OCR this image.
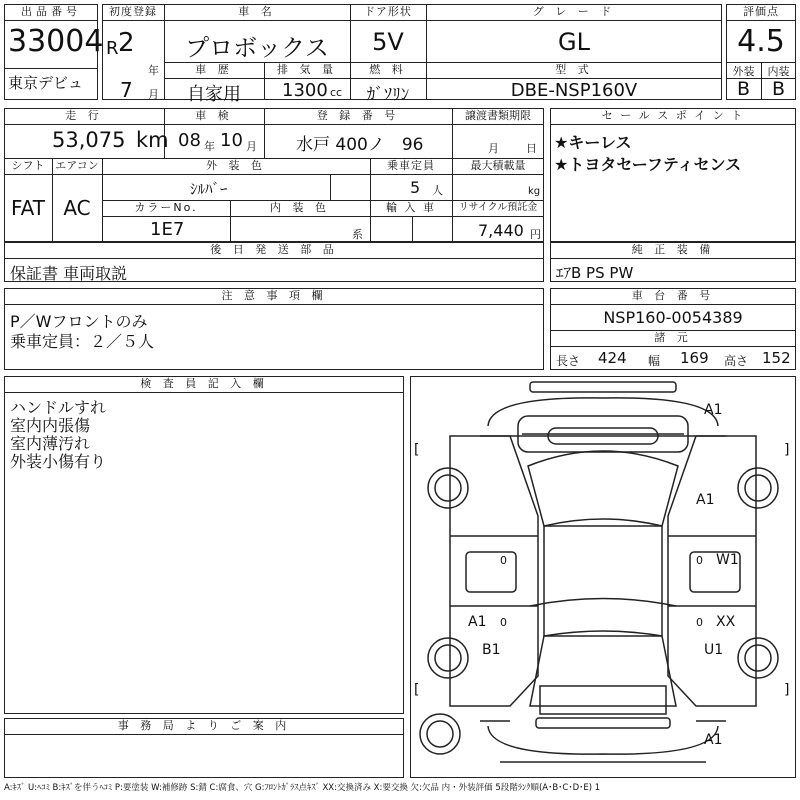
出品番号
33004
東京デビュ
初度登録
R 2
年
7 月
車 名
プロボックス
ドア形状
5V
グ レ ー ド
GL
車 歴
自家用
排 気 量
1300 cc
燃 料
ｶﾞｿﾘﾝ
型 式
DBE-NSP160V
評価点
4.5
外装	内装
B	B
走 行
53,075 km
車 検
08 年 10 月
登 録 番 号
水戸 400ノ　96
譲渡書類期限
月 日
シフト エアコン
FAT AC
外 装 色
ｼﾙﾊﾞｰ
乗車定員
5 人
最大積載量
kg
カラーNo.
1E7
内 装 色
系
輸 入 車	リサイクル預託金
7,440 円
セ ー ル ス ポ イ ン ト
★キーレス
★トヨタセーフティセンス
後 日 発 送 部 品
保証書 車両取説
純 正 装 備
ｴｱB PS PW
注 意 事 項 欄
P／Wフロントのみ
乗車定員：２／５人
車 台 番 号
NSP160-0054389
諸 元
長さ 424 幅 169 高さ 152
検 査 員 記 入 欄
ハンドルすれ
室内内張傷
室内薄汚れ
外装小傷有り
事 務 局 よ り ご 案 内
A1
A1
A1
W1
B1
XX
U1
A1
[	]
[	]
0	0
0	0
A:ｷｽﾞ U:ﾍｺﾐ B:ｷｽﾞを伴うﾍｺﾐ P:要塗装 W:補修跡 S:錆 C:腐食、穴 G:ﾌﾛﾝﾄｶﾞﾗｽ点ｷｽﾞ XX:交換済み X:要交換 欠:欠品 内・外装評価 5段階ﾗﾝｸ順(A･B･C･D･E) 1
